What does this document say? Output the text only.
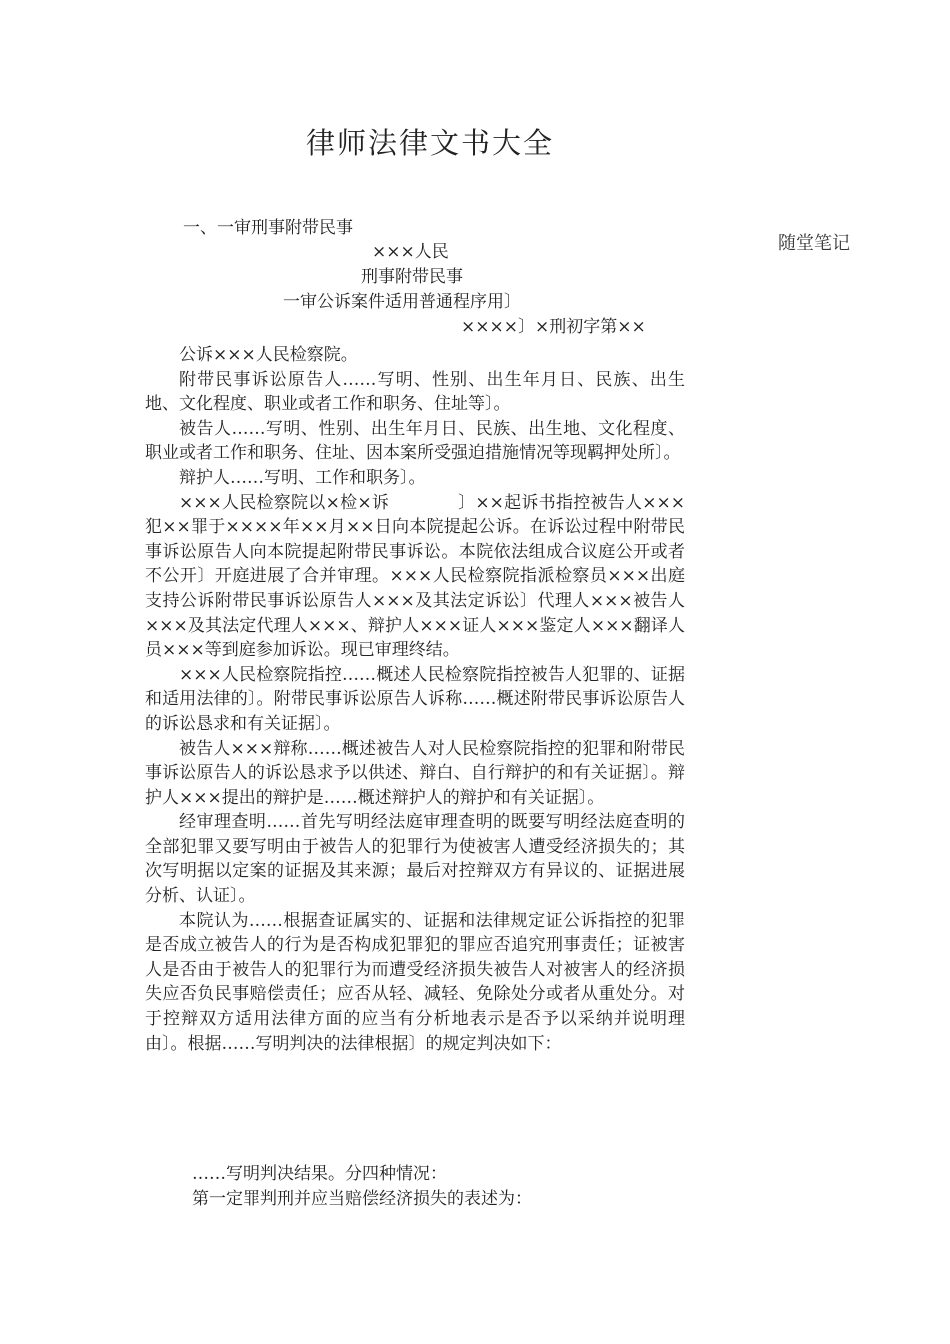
律师法律文书大全
随堂笔记
一、一审刑事附带民事
×××人民
刑事附带民事
一审公诉案件适用普通程序用〕
××××〕×刑初字第××

公诉×××人民检察院。

附带民事诉讼原告人……写明、性别、出生年月日、民族、出生地、文化程度、职业或者工作和职务、住址等〕。

被告人……写明、性别、出生年月日、民族、出生地、文化程度、职业或者工作和职务、住址、因本案所受强迫措施情况等现羁押处所〕。

辩护人……写明、工作和职务〕。

×××人民检察院以×检×诉　　　　〕××起诉书指控被告人×××犯××罪于××××年××月××日向本院提起公诉。在诉讼过程中附带民事诉讼原告人向本院提起附带民事诉讼。本院依法组成合议庭公开或者不公开〕开庭进展了合并审理。×××人民检察院指派检察员×××出庭支持公诉附带民事诉讼原告人×××及其法定诉讼〕代理人×××被告人×××及其法定代理人×××、辩护人×××证人×××鉴定人×××翻译人员×××等到庭参加诉讼。现已审理终结。

×××人民检察院指控……概述人民检察院指控被告人犯罪的、证据和适用法律的〕。附带民事诉讼原告人诉称……概述附带民事诉讼原告人的诉讼恳求和有关证据〕。

被告人×××辩称……概述被告人对人民检察院指控的犯罪和附带民事诉讼原告人的诉讼恳求予以供述、辩白、自行辩护的和有关证据〕。辩护人×××提出的辩护是……概述辩护人的辩护和有关证据〕。

经审理查明……首先写明经法庭审理查明的既要写明经法庭查明的全部犯罪又要写明由于被告人的犯罪行为使被害人遭受经济损失的；其次写明据以定案的证据及其来源；最后对控辩双方有异议的、证据进展分析、认证〕。

本院认为……根据查证属实的、证据和法律规定证公诉指控的犯罪是否成立被告人的行为是否构成犯罪犯的罪应否追究刑事责任；证被害人是否由于被告人的犯罪行为而遭受经济损失被告人对被害人的经济损失应否负民事赔偿责任；应否从轻、减轻、免除处分或者从重处分。对于控辩双方适用法律方面的应当有分析地表示是否予以采纳并说明理由〕。根据……写明判决的法律根据〕的规定判决如下：

……写明判决结果。分四种情况：
第一定罪判刑并应当赔偿经济损失的表述为：
